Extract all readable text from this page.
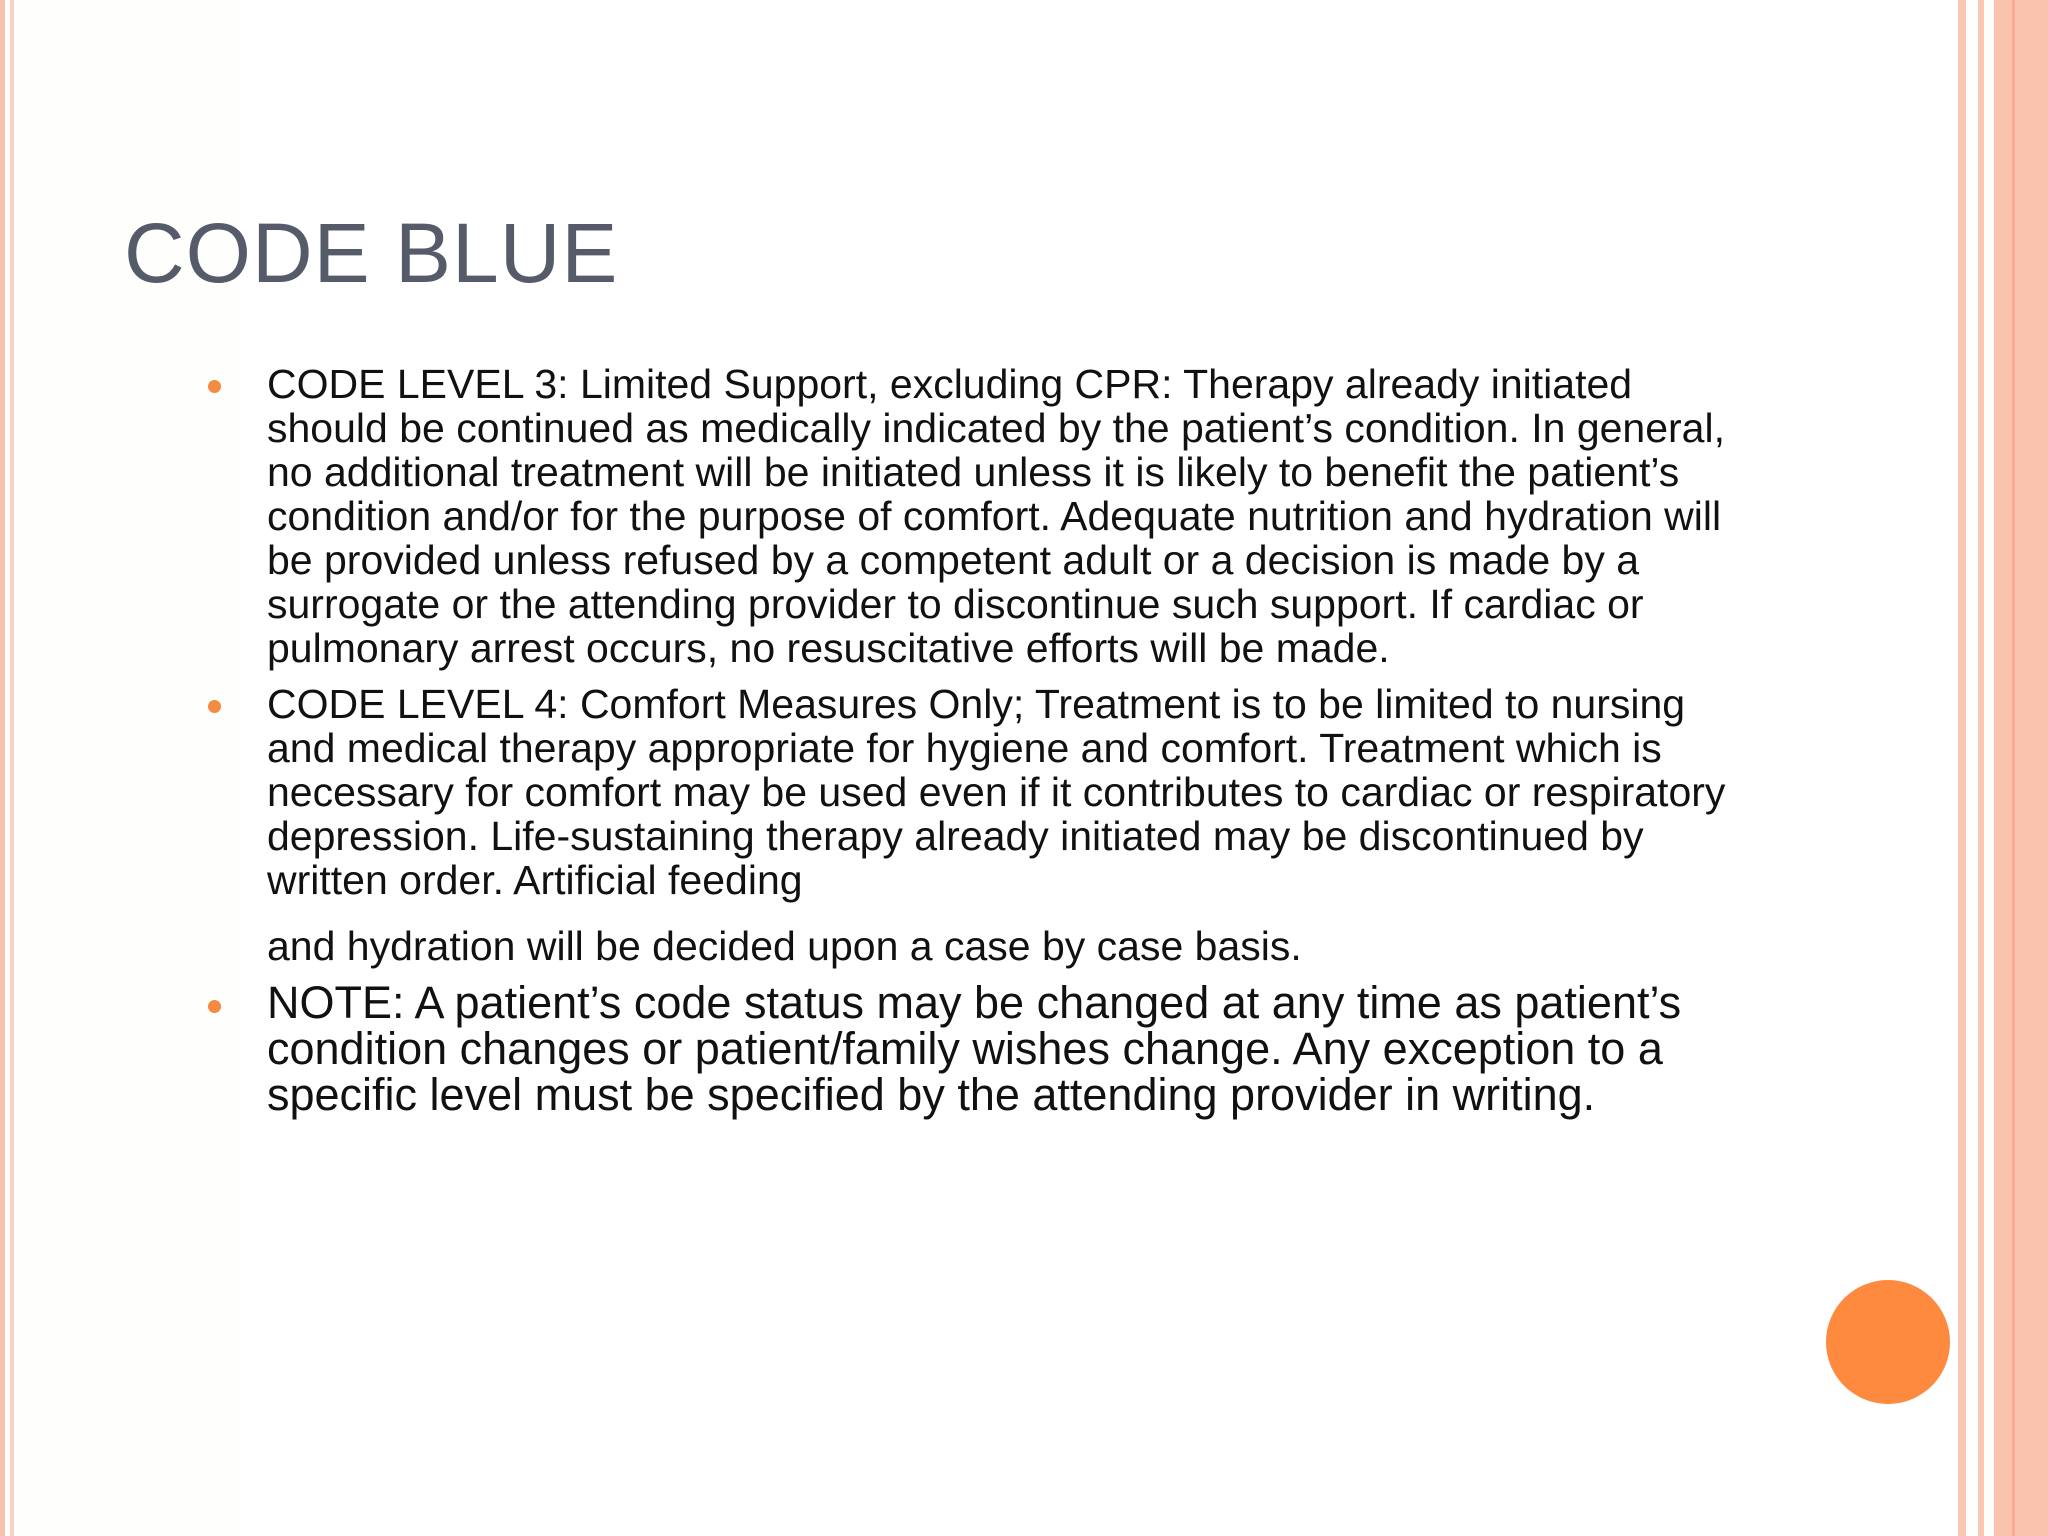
CODE BLUE
CODE LEVEL 3: Limited Support, excluding CPR: Therapy already initiated should be continued as medically indicated by the patient’s condition. In general, no additional treatment will be initiated unless it is likely to benefit the patient’s condition and/or for the purpose of comfort. Adequate nutrition and hydration will be provided unless refused by a competent adult or a decision is made by a surrogate or the attending provider to discontinue such support. If cardiac or pulmonary arrest occurs, no resuscitative efforts will be made.
CODE LEVEL 4: Comfort Measures Only; Treatment is to be limited to nursing and medical therapy appropriate for hygiene and comfort. Treatment which is necessary for comfort may be used even if it contributes to cardiac or respiratory depression. Life-sustaining therapy already initiated may be discontinued by written order. Artificial feeding
and hydration will be decided upon a case by case basis.
NOTE: A patient’s code status may be changed at any time as patient’s condition changes or patient/family wishes change. Any exception to a specific level must be specified by the attending provider in writing.
